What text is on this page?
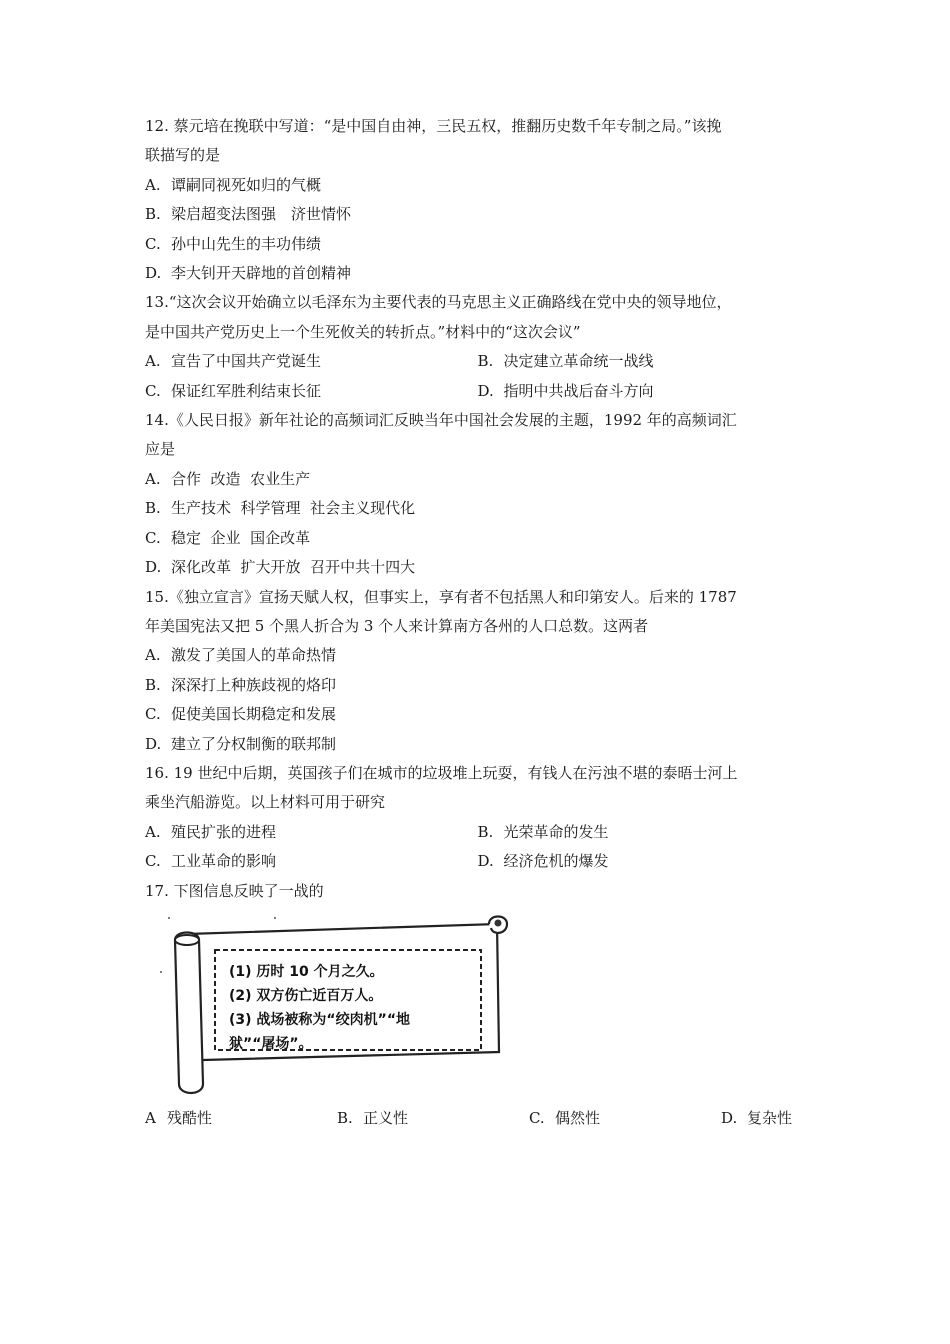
12. 蔡元培在挽联中写道：“是中国自由神，三民五权，推翻历史数千年专制之局。”该挽
联描写的是
A. 谭嗣同视死如归的气概
B. 梁启超变法图强　济世情怀
C. 孙中山先生的丰功伟绩
D. 李大钊开天辟地的首创精神
13.“这次会议开始确立以毛泽东为主要代表的马克思主义正确路线在党中央的领导地位，
是中国共产党历史上一个生死攸关的转折点。”材料中的“这次会议”
A. 宣告了中国共产党诞生	B. 决定建立革命统一战线
C. 保证红军胜利结束长征	D. 指明中共战后奋斗方向
14.《人民日报》新年社论的高频词汇反映当年中国社会发展的主题，1992 年的高频词汇
应是
A. 合作  改造  农业生产
B. 生产技术  科学管理  社会主义现代化
C. 稳定  企业  国企改革
D. 深化改革  扩大开放  召开中共十四大
15.《独立宣言》宣扬天赋人权，但事实上，享有者不包括黑人和印第安人。后来的 1787
年美国宪法又把 5 个黑人折合为 3 个人来计算南方各州的人口总数。这两者
A. 激发了美国人的革命热情
B. 深深打上种族歧视的烙印
C. 促使美国长期稳定和发展
D. 建立了分权制衡的联邦制
16. 19 世纪中后期，英国孩子们在城市的垃圾堆上玩耍，有钱人在污浊不堪的泰晤士河上
乘坐汽船游览。以上材料可用于研究
A. 殖民扩张的进程	B. 光荣革命的发生
C. 工业革命的影响	D. 经济危机的爆发
17. 下图信息反映了一战的
(1) 历时 10 个月之久。
(2) 双方伤亡近百万人。
(3) 战场被称为“绞肉机”“地
狱”“屠场”。
A 残酷性	B. 正义性	C. 偶然性	D. 复杂性
